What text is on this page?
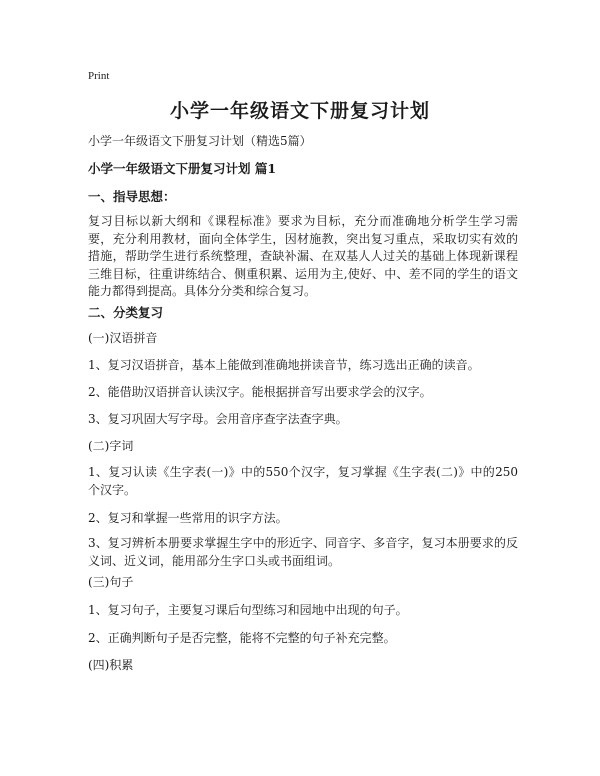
Print
小学一年级语文下册复习计划
小学一年级语文下册复习计划（精选5篇）
小学一年级语文下册复习计划 篇1
一、指导思想：
复习目标以新大纲和《课程标准》要求为目标，充分而准确地分析学生学习需要，充分利用教材，面向全体学生，因材施教，突出复习重点，采取切实有效的措施，帮助学生进行系统整理，查缺补漏、在双基人人过关的基础上体现新课程三维目标，往重讲练结合、侧重积累、运用为主,使好、中、差不同的学生的语文能力都得到提高。具体分分类和综合复习。
二、分类复习
(一)汉语拼音
1、复习汉语拼音，基本上能做到准确地拼读音节，练习选出正确的读音。
2、能借助汉语拼音认读汉字。能根据拼音写出要求学会的汉字。
3、复习巩固大写字母。会用音序查字法查字典。
(二)字词
1、复习认读《生字表(一)》中的550个汉字，复习掌握《生字表(二)》中的250个汉字。
2、复习和掌握一些常用的识字方法。
3、复习辨析本册要求掌握生字中的形近字、同音字、多音字，复习本册要求的反义词、近义词，能用部分生字口头或书面组词。
(三)句子
1、复习句子，主要复习课后句型练习和园地中出现的句子。
2、正确判断句子是否完整，能将不完整的句子补充完整。
(四)积累
